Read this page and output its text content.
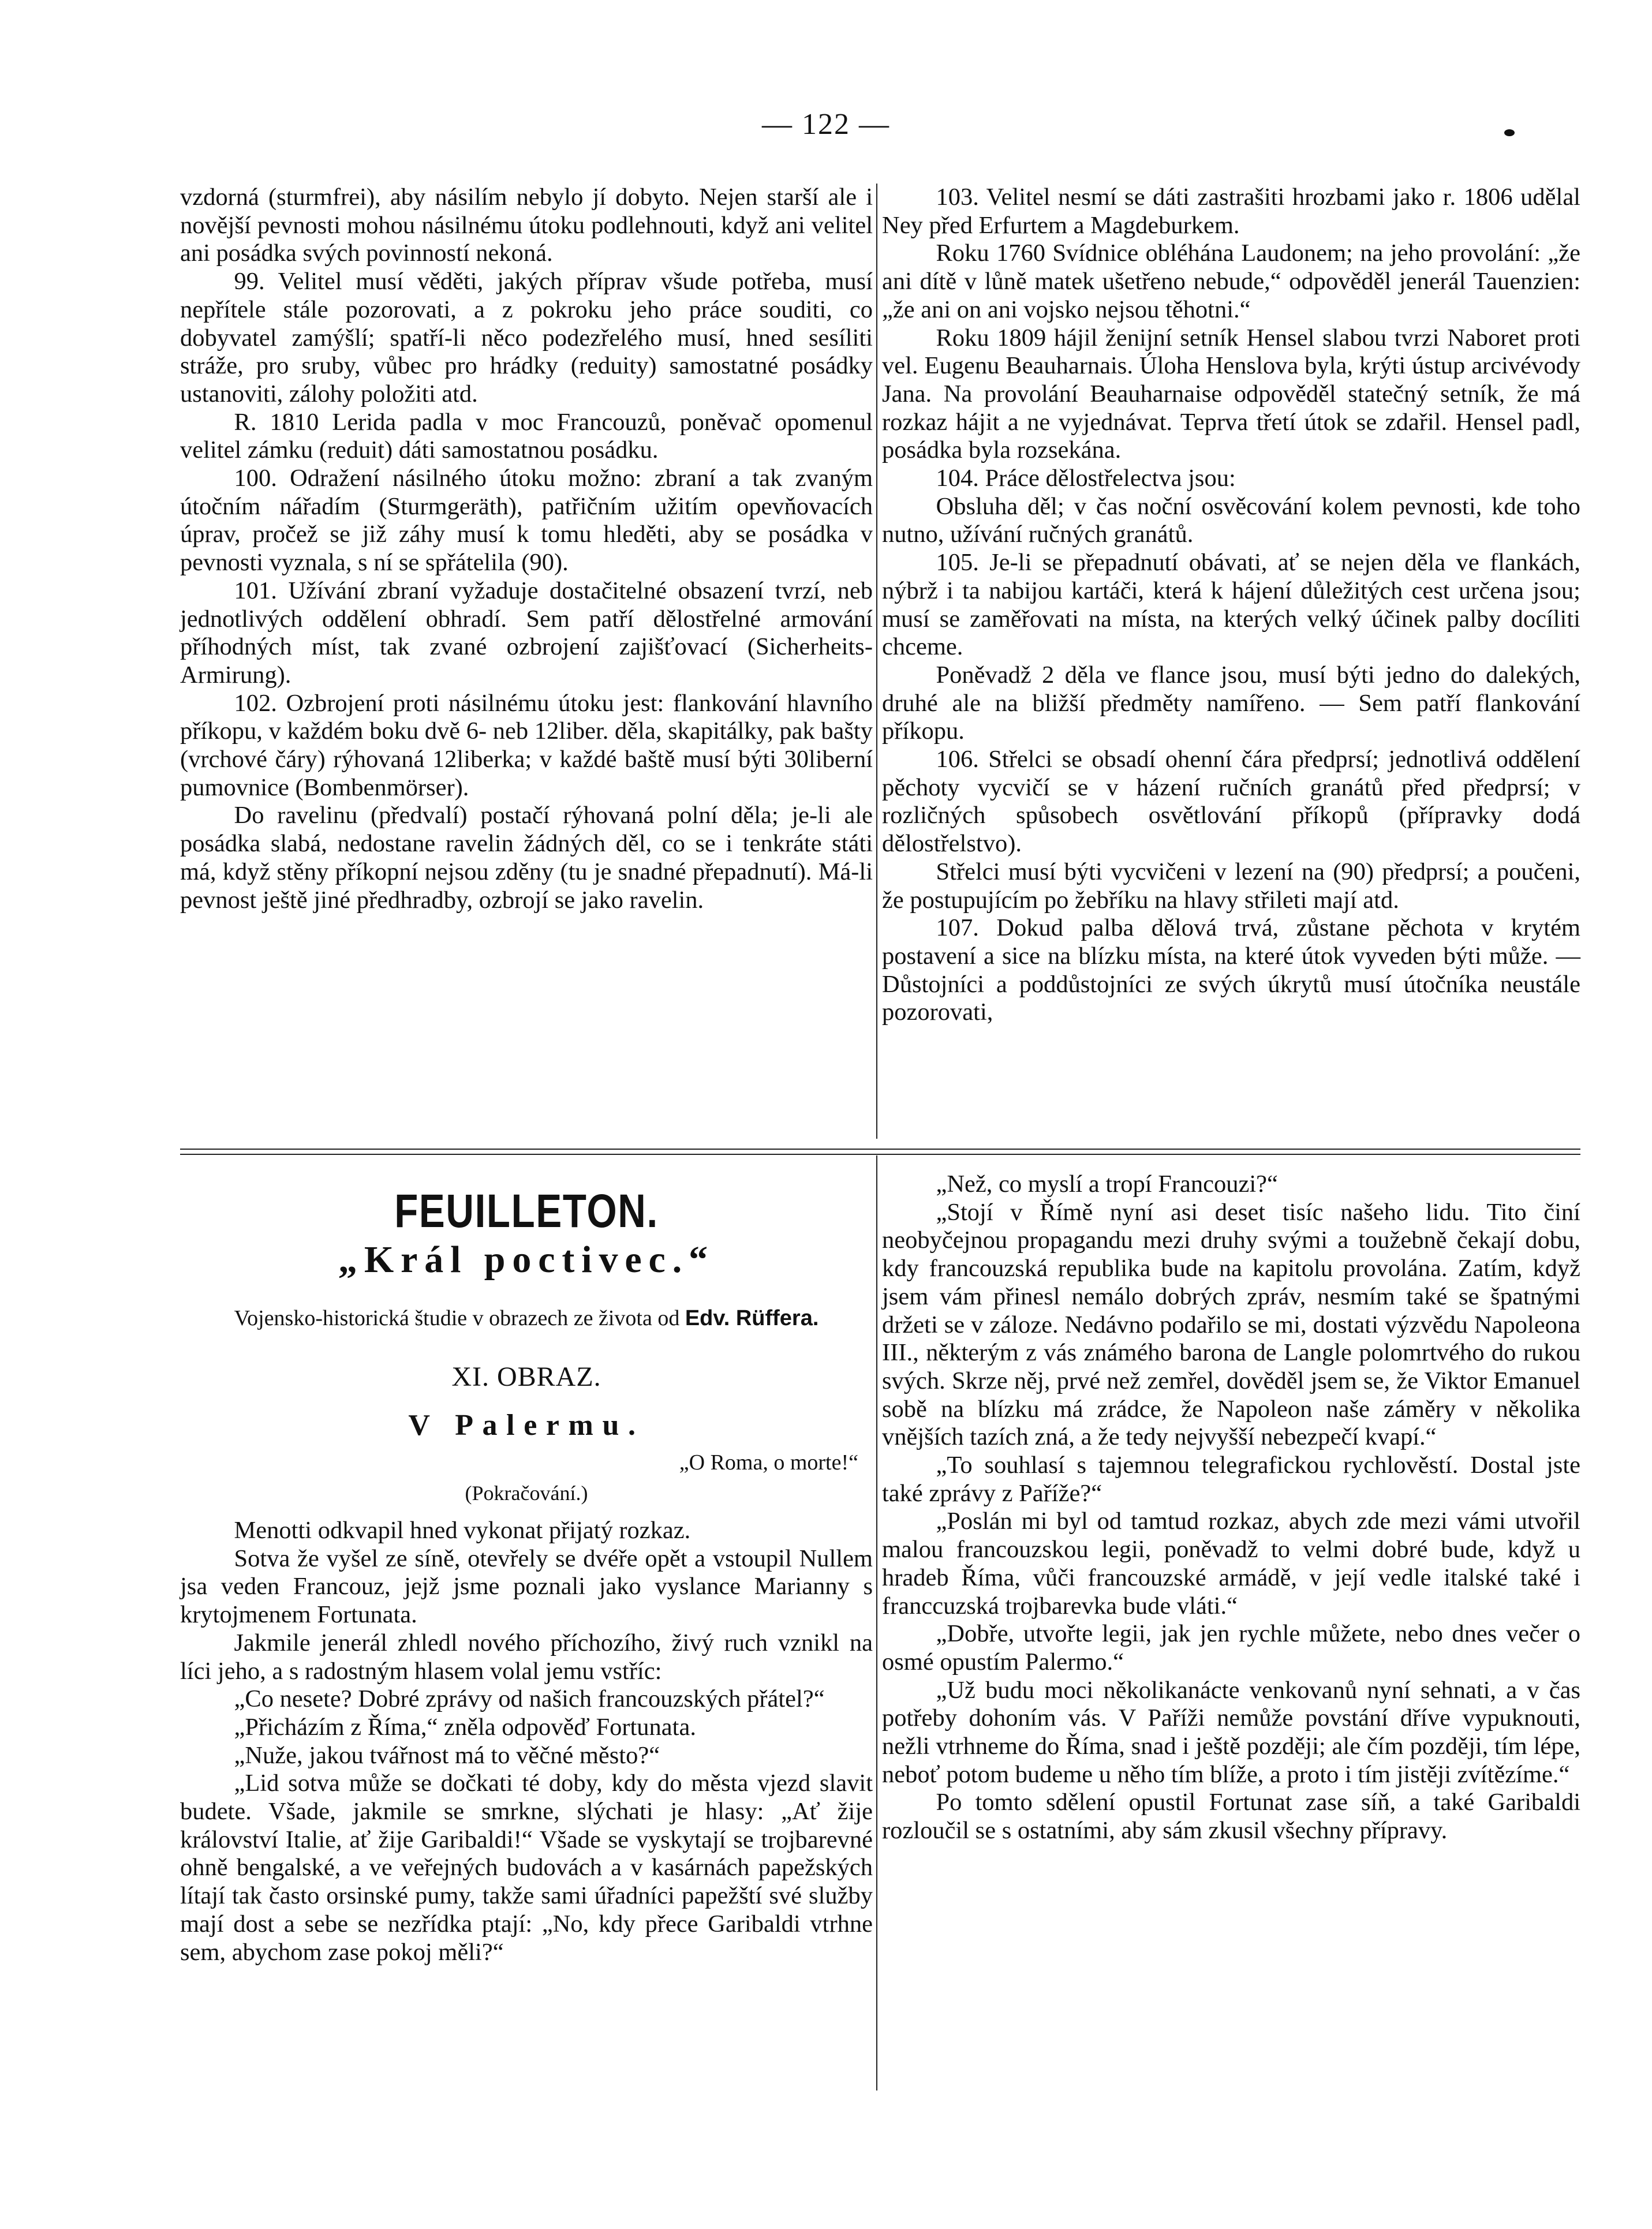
— 122 —

vzdorná (sturmfrei), aby násilím nebylo jí dobyto. Nejen starší ale i novější pevnosti mohou násilnému útoku podlehnouti, když ani velitel ani posádka svých povinností nekoná.

99. Velitel musí věděti, jakých příprav všude potřeba, musí nepřítele stále pozorovati, a z pokroku jeho práce souditi, co dobyvatel zamýšlí; spatří-li něco podezřelého musí, hned sesíliti stráže, pro sruby, vůbec pro hrádky (reduity) samostatné posádky ustanoviti, zálohy položiti atd.

R. 1810 Lerida padla v moc Francouzů, poněvač opomenul velitel zámku (reduit) dáti samostatnou posádku.

100. Odražení násilného útoku možno: zbraní a tak zvaným útočním nářadím (Sturmgeräth), patřičním užitím opevňovacích úprav, pročež se již záhy musí k tomu hleděti, aby se posádka v pevnosti vyznala, s ní se spřátelila (90).

101. Užívání zbraní vyžaduje dostačitelné obsazení tvrzí, neb jednotlivých oddělení obhradí. Sem patří dělostřelné armování příhodných míst, tak zvané ozbrojení zajišťovací (Sicherheits-Armirung).

102. Ozbrojení proti násilnému útoku jest: flankování hlavního příkopu, v každém boku dvě 6- neb 12liber. děla, skapitálky, pak bašty (vrchové čáry) rýhovaná 12liberka; v každé baště musí býti 30liberní pumovnice (Bombenmörser).

Do ravelinu (předvalí) postačí rýhovaná polní děla; je-li ale posádka slabá, nedostane ravelin žádných děl, co se i tenkráte státi má, když stěny příkopní nejsou zděny (tu je snadné přepadnutí). Má-li pevnost ještě jiné předhradby, ozbrojí se jako ravelin.

103. Velitel nesmí se dáti zastrašiti hrozbami jako r. 1806 udělal Ney před Erfurtem a Magdeburkem.

Roku 1760 Svídnice obléhána Laudonem; na jeho provolání: „že ani dítě v lůně matek ušetřeno nebude,“ odpověděl jenerál Tauenzien: „že ani on ani vojsko nejsou těhotni.“

Roku 1809 hájil ženijní setník Hensel slabou tvrzi Naboret proti vel. Eugenu Beauharnais. Úloha Henslova byla, krýti ústup arcivévody Jana. Na provolání Beauharnaise odpověděl statečný setník, že má rozkaz hájit a ne vyjednávat. Teprva třetí útok se zdařil. Hensel padl, posádka byla rozsekána.

104. Práce dělostřelectva jsou:

Obsluha děl; v čas noční osvěcování kolem pevnosti, kde toho nutno, užívání ručných granátů.

105. Je-li se přepadnutí obávati, ať se nejen děla ve flankách, nýbrž i ta nabijou kartáči, která k hájení důležitých cest určena jsou; musí se zaměřovati na místa, na kterých velký účinek palby docíliti chceme.

Poněvadž 2 děla ve flance jsou, musí býti jedno do dalekých, druhé ale na bližší předměty namířeno. — Sem patří flankování příkopu.

106. Střelci se obsadí ohenní čára předprsí; jednotlivá oddělení pěchoty vycvičí se v házení ručních granátů před předprsí; v rozličných spůsobech osvětlování příkopů (přípravky dodá dělostřelstvo).

Střelci musí býti vycvičeni v lezení na (90) předprsí; a poučeni, že postupujícím po žebříku na hlavy střileti mají atd.

107. Dokud palba dělová trvá, zůstane pěchota v krytém postavení a sice na blízku místa, na které útok vyveden býti může. — Důstojníci a poddůstojníci ze svých úkrytů musí útočníka neustále pozorovati,

FEUILLETON.
„Král poctivec.“
Vojensko-historická študie v obrazech ze života od Edv. Rüffera.
XI. OBRAZ.
V Palermu.
„O Roma, o morte!“
(Pokračování.)

Menotti odkvapil hned vykonat přijatý rozkaz.

Sotva že vyšel ze síně, otevřely se dvéře opět a vstoupil Nullem jsa veden Francouz, jejž jsme poznali jako vyslance Marianny s krytojmenem Fortunata.

Jakmile jenerál zhledl nového příchozího, živý ruch vznikl na líci jeho, a s radostným hlasem volal jemu vstříc:

„Co nesete? Dobré zprávy od našich francouzských přátel?“

„Přicházím z Říma,“ zněla odpověď Fortunata.

„Nuže, jakou tvářnost má to věčné město?“

„Lid sotva může se dočkati té doby, kdy do města vjezd slavit budete. Všade, jakmile se smrkne, slýchati je hlasy: „Ať žije království Italie, ať žije Garibaldi!“ Všade se vyskytají se trojbarevné ohně bengalské, a ve veřejných budovách a v kasárnách papežských lítají tak často orsinské pumy, takže sami úřadníci papežští své služby mají dost a sebe se nezřídka ptají: „No, kdy přece Garibaldi vtrhne sem, abychom zase pokoj měli?“

„Než, co myslí a tropí Francouzi?“

„Stojí v Římě nyní asi deset tisíc našeho lidu. Tito činí neobyčejnou propagandu mezi druhy svými a toužebně čekají dobu, kdy francouzská republika bude na kapitolu provolána. Zatím, když jsem vám přinesl nemálo dobrých zpráv, nesmím také se špatnými držeti se v záloze. Nedávno podařilo se mi, dostati výzvědu Napoleona III., některým z vás známého barona de Langle polomrtvého do rukou svých. Skrze něj, prvé než zemřel, dověděl jsem se, že Viktor Emanuel sobě na blízku má zrádce, že Napoleon naše záměry v několika vnějších tazích zná, a že tedy nejvyšší nebezpečí kvapí.“

„To souhlasí s tajemnou telegrafickou rychlověstí. Dostal jste také zprávy z Paříže?“

„Poslán mi byl od tamtud rozkaz, abych zde mezi vámi utvořil malou francouzskou legii, poněvadž to velmi dobré bude, když u hradeb Říma, vůči francouzské armádě, v její vedle italské také i franccuzská trojbarevka bude vláti.“

„Dobře, utvořte legii, jak jen rychle můžete, nebo dnes večer o osmé opustím Palermo.“

„Už budu moci několikanácte venkovanů nyní sehnati, a v čas potřeby dohoním vás. V Paříži nemůže povstání dříve vypuknouti, nežli vtrhneme do Říma, snad i ještě později; ale čím později, tím lépe, neboť potom budeme u něho tím blíže, a proto i tím jistěji zvítězíme.“

Po tomto sdělení opustil Fortunat zase síň, a také Garibaldi rozloučil se s ostatními, aby sám zkusil všechny přípravy.
